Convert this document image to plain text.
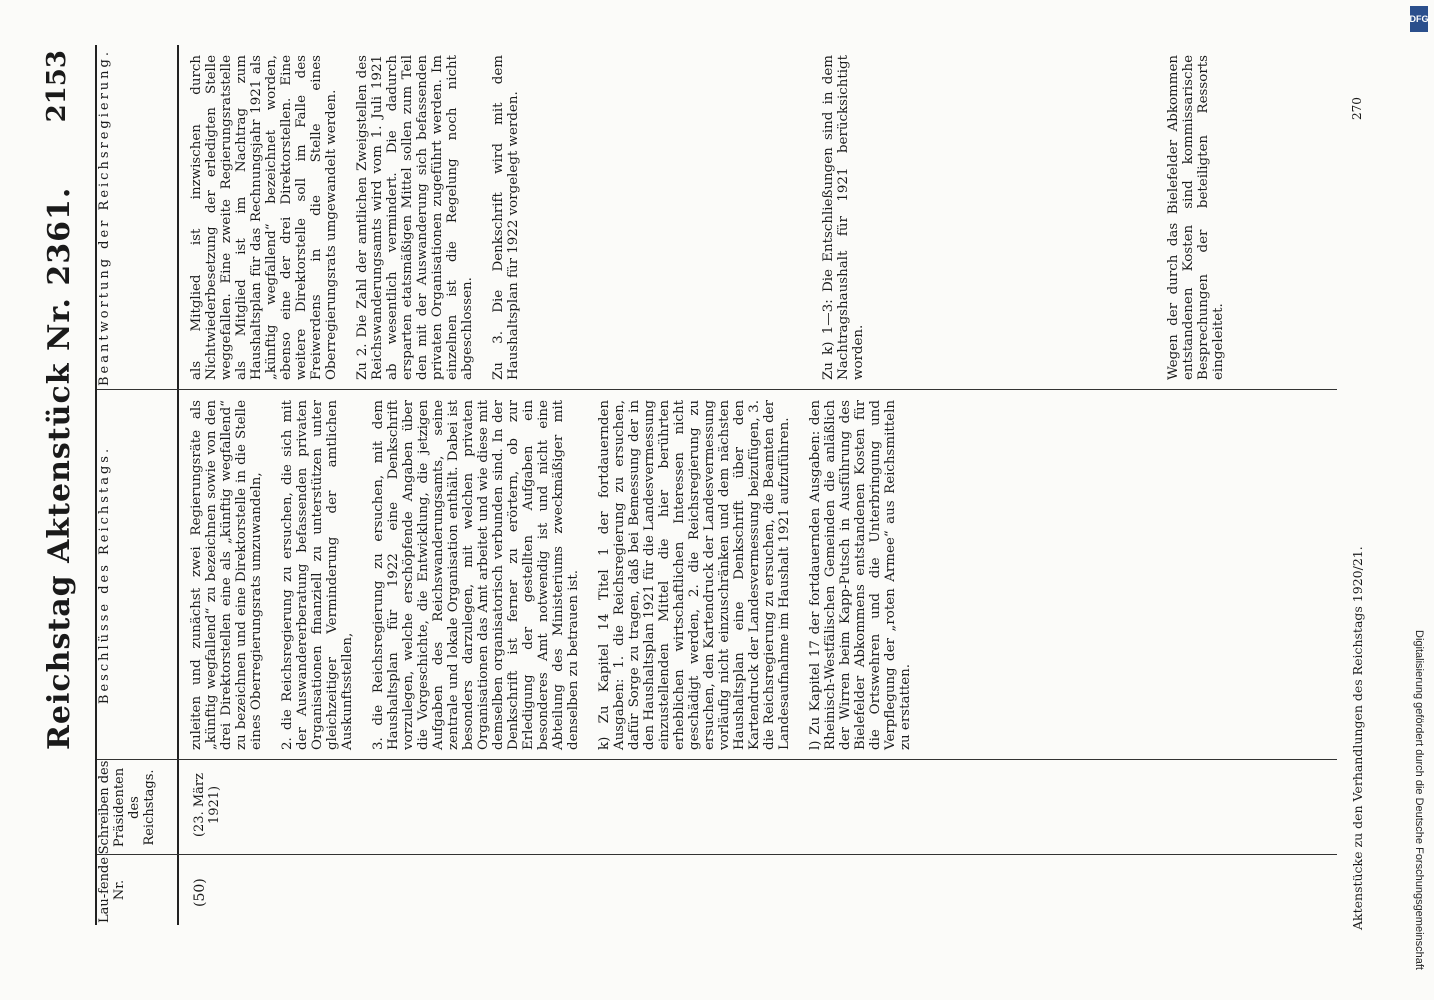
Reichstag Aktenstück Nr. 2361.
2153
Lau-fende Nr.
Schreiben des Präsidenten des Reichstags.
Beschlüsse des Reichstags.
Beantwortung der Reichsregierung.
(50)
(23. März 1921)

zuleiten und zunächst zwei Regierungsräte als „künftig wegfallend“ zu bezeichnen sowie von den drei Direktorstellen eine als „künftig wegfallend“ zu bezeichnen und eine Direktorstelle in die Stelle eines Oberregierungsrats umzuwandeln, 2. die Reichsregierung zu ersuchen, die sich mit der Auswandererberatung befassenden privaten Organisationen finanziell zu unterstützen unter gleichzeitiger Verminderung der amtlichen Auskunftsstellen, 3. die Reichsregierung zu ersuchen, mit dem Haushaltsplan für 1922 eine Denkschrift vorzulegen, welche erschöpfende Angaben über die Vorgeschichte, die Entwicklung, die jetzigen Aufgaben des Reichswanderungsamts, seine zentrale und lokale Organisation enthält. Dabei ist besonders darzulegen, mit welchen privaten Organisationen das Amt arbeitet und wie diese mit demselben organisatorisch verbunden sind. In der Denkschrift ist ferner zu erörtern, ob zur Erledigung der gestellten Aufgaben ein besonderes Amt notwendig ist und nicht eine Abteilung des Ministeriums zweckmäßiger mit denselben zu betrauen ist. k) Zu Kapitel 14 Titel 1 der fortdauernden Ausgaben: 1. die Reichsregierung zu ersuchen, dafür Sorge zu tragen, daß bei Bemessung der in den Haushaltsplan 1921 für die Landesvermessung einzustellenden Mittel die hier berührten erheblichen wirtschaftlichen Interessen nicht geschädigt werden, 2. die Reichsregierung zu ersuchen, den Kartendruck der Landesvermessung vorläufig nicht einzuschränken und dem nächsten Haushaltsplan eine Denkschrift über den Kartendruck der Landesvermessung beizufügen, 3. die Reichsregierung zu ersuchen, die Beamten der Landesaufnahme im Haushalt 1921 aufzuführen. l) Zu Kapitel 17 der fortdauernden Ausgaben: den Rheinisch-Westfälischen Gemeinden die anläßlich der Wirren beim Kapp-Putsch in Ausführung des Bielefelder Abkommens entstandenen Kosten für die Ortswehren und die Unterbringung und Verpflegung der „roten Armee“ aus Reichsmitteln zu erstatten.

als Mitglied ist inzwischen durch Nichtwiederbesetzung der erledigten Stelle weggefallen. Eine zweite Regierungsratstelle als Mitglied ist im Nachtrag zum Haushaltsplan für das Rechnungsjahr 1921 als „künftig wegfallend“ bezeichnet worden, ebenso eine der drei Direktorstellen. Eine weitere Direktorstelle soll im Falle des Freiwerdens in die Stelle eines Oberregierungsrats umgewandelt werden. Zu 2. Die Zahl der amtlichen Zweigstellen des Reichswanderungsamts wird vom 1. Juli 1921 ab wesentlich vermindert. Die dadurch ersparten etatsmäßigen Mittel sollen zum Teil den mit der Auswanderung sich befassenden privaten Organisationen zugeführt werden. Im einzelnen ist die Regelung noch nicht abgeschlossen. Zu 3. Die Denkschrift wird mit dem Haushaltsplan für 1922 vorgelegt werden.	Zu k) 1—3: Die Entschließungen sind in dem Nachtragshaushalt für 1921 berücksichtigt worden.	Wegen der durch das Bielefelder Abkommen entstandenen Kosten sind kommissarische Besprechungen der beteiligten Ressorts eingeleitet.

Aktenstücke zu den Verhandlungen des Reichstags 1920/21.
270
DFG
Digitalisierung gefördert durch die Deutsche Forschungsgemeinschaft
